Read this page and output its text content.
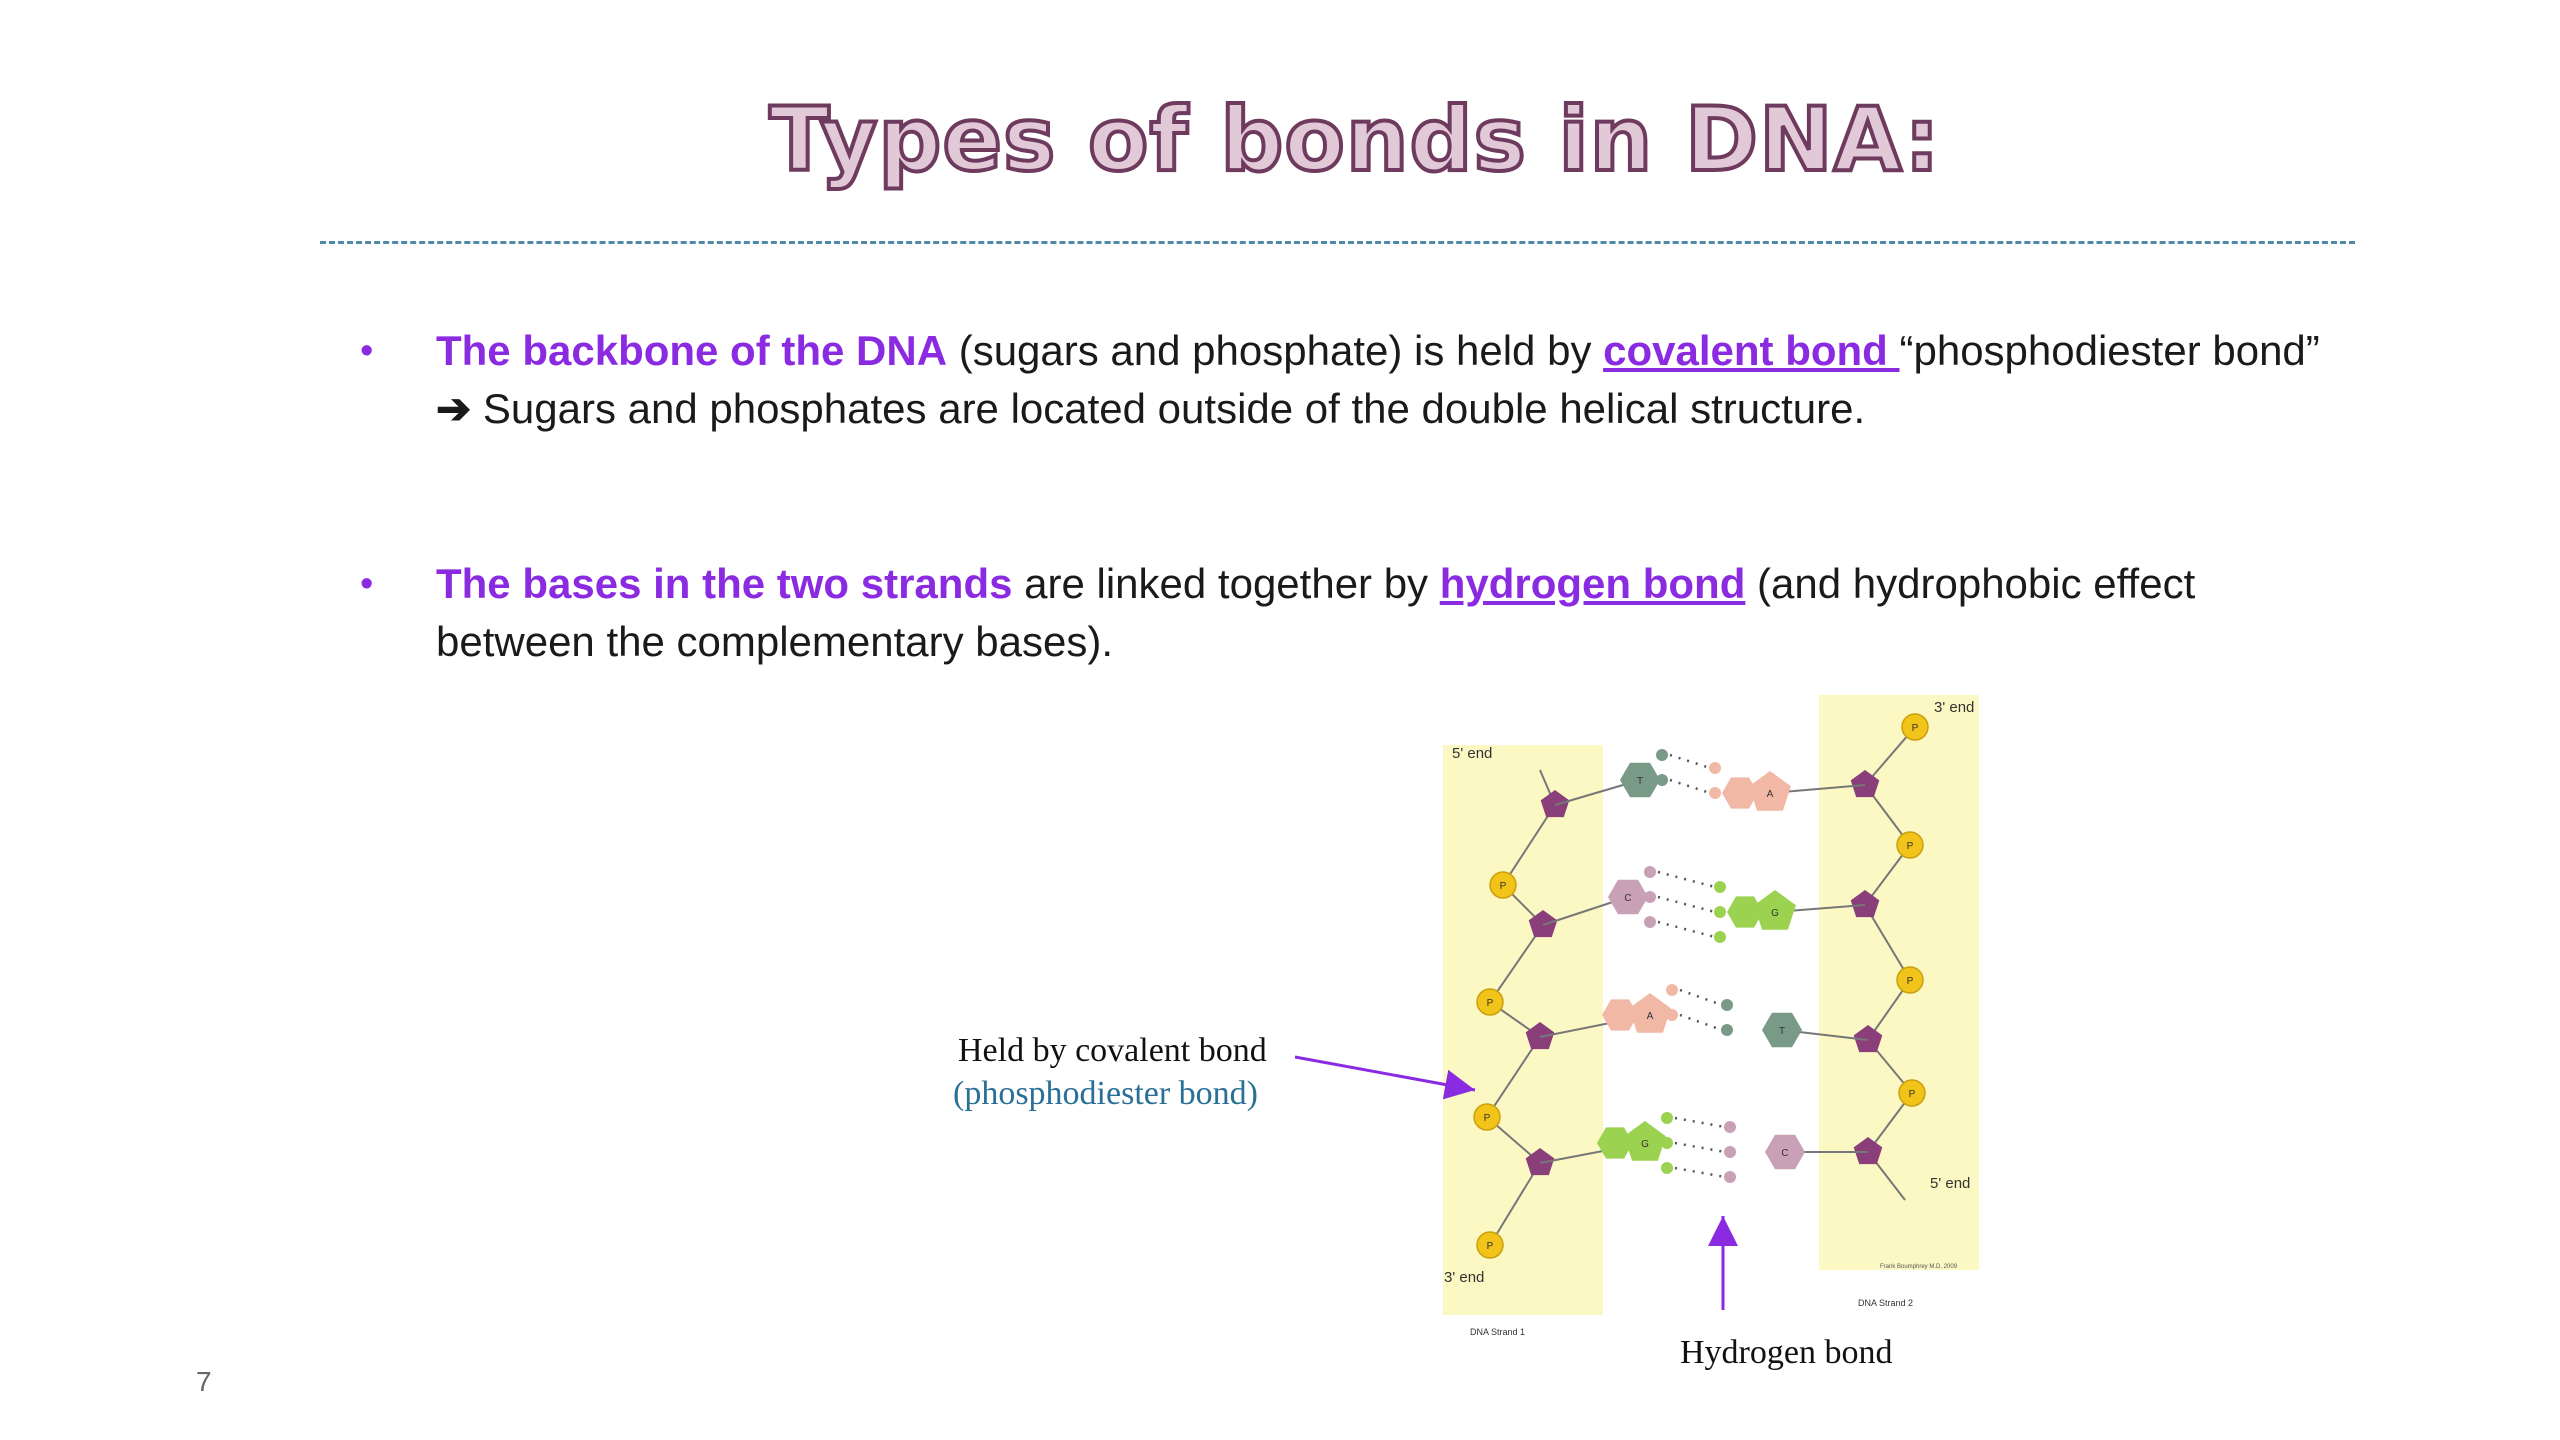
Types of bonds in DNA:
• The backbone of the DNA (sugars and phosphate) is held by covalent bond “phosphodiester bond” ➔ Sugars and phosphates are located outside of the double helical structure.
• The bases in the two strands are linked together by hydrogen bond (and hydrophobic effect between the complementary bases).
5' end
3' end
DNA Strand 1
3' end
5' end
DNA Strand 2
Frank Boumphrey M.D. 2009
P
P
P
P
P
P
P
P
T
A
C
G
A
T
G
C
Held by covalent bond
(phosphodiester bond)
Hydrogen bond
7
